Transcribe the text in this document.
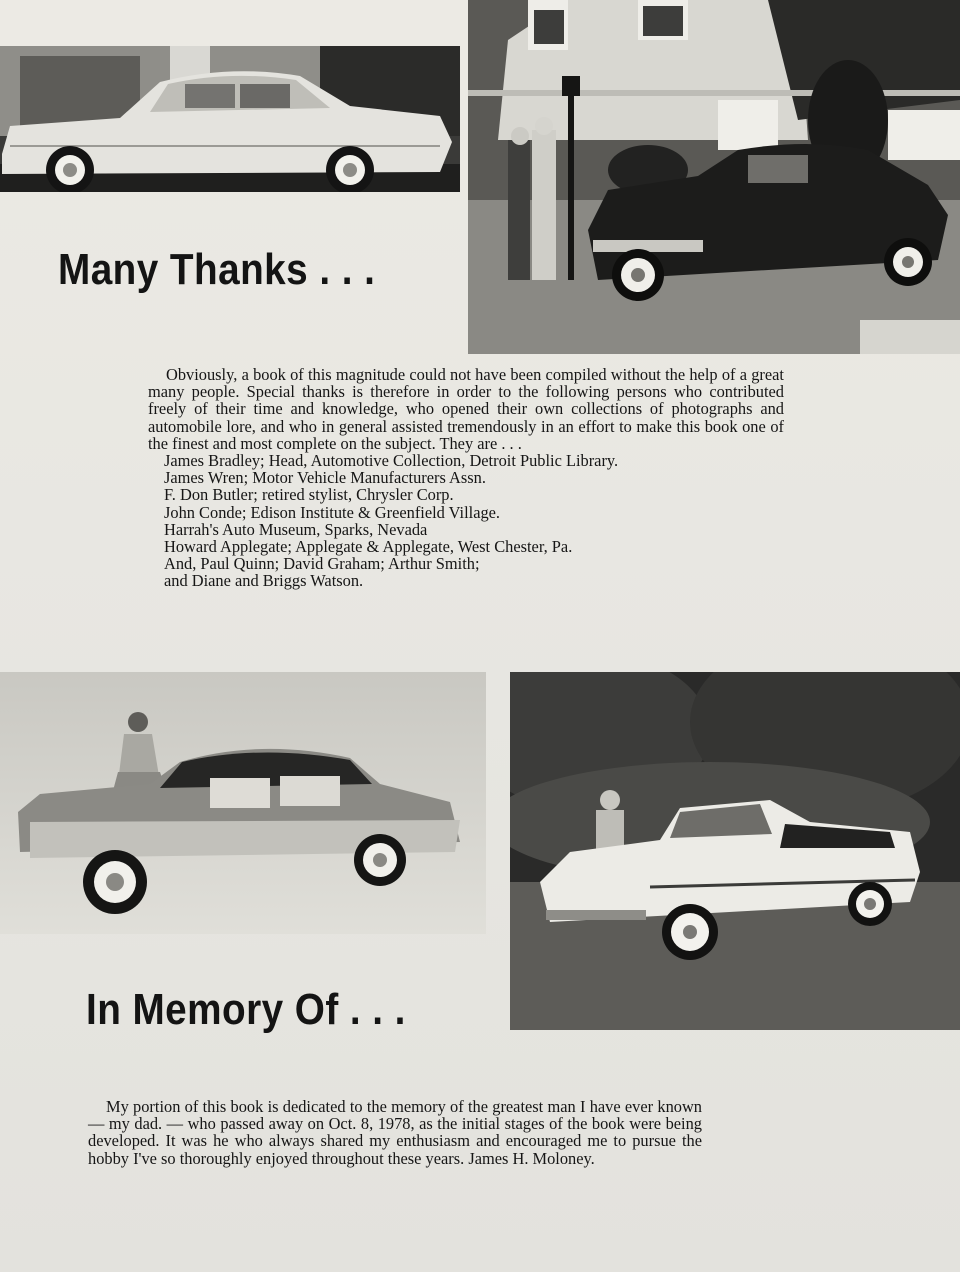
Many Thanks . . .

Obviously, a book of this magnitude could not have been compiled without the help of a great many people. Special thanks is therefore in order to the following persons who contributed freely of their time and knowledge, who opened their own collections of photographs and automobile lore, and who in general assisted tremendously in an effort to make this book one of the finest and most complete on the subject. They are . . .

James Bradley; Head, Automotive Collection, Detroit Public Library.
James Wren; Motor Vehicle Manufacturers Assn.
F. Don Butler; retired stylist, Chrysler Corp.
John Conde; Edison Institute & Greenfield Village.
Harrah's Auto Museum, Sparks, Nevada
Howard Applegate; Applegate & Applegate, West Chester, Pa.
And, Paul Quinn; David Graham; Arthur Smith;
and Diane and Briggs Watson.
In Memory Of . . .

My portion of this book is dedicated to the memory of the greatest man I have ever known — my dad. — who passed away on Oct. 8, 1978, as the initial stages of the book were being developed. It was he who always shared my enthusiasm and encouraged me to pursue the hobby I've so thoroughly enjoyed throughout these years. James H. Moloney.
